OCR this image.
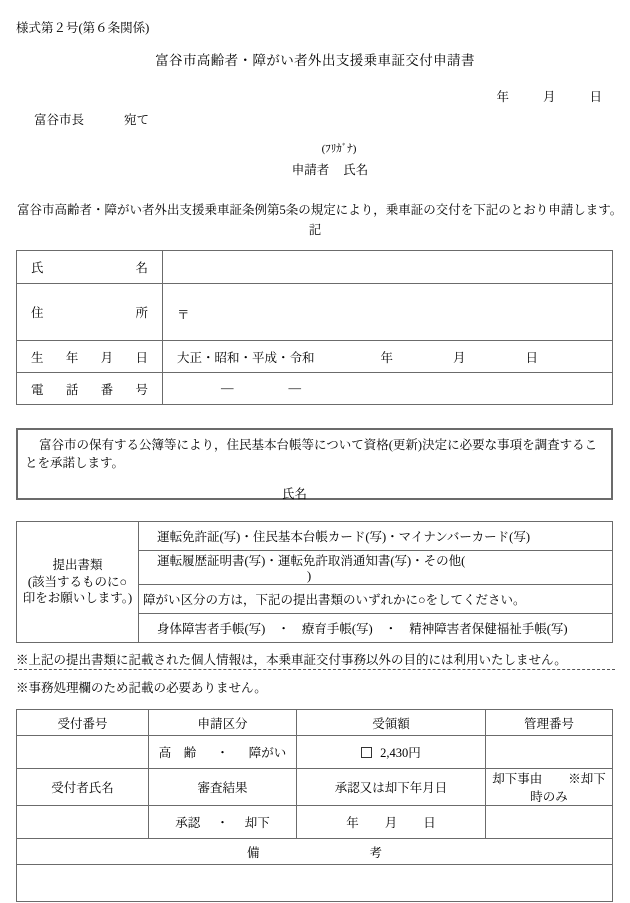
様式第２号(第６条関係)
富谷市高齢者・障がい者外出支援乗車証交付申請書
年	月	日
富谷市長	宛て
(ﾌﾘｶﾞﾅ)
申請者 氏名
富谷市高齢者・障がい者外出支援乗車証条例第5条の規定により，乗車証の交付を下記のとおり申請します。
記
氏　　　　　名	
住　　　　　所	〒

生　年　月　日	大正・昭和・平成・令和 年 月 日
電　話　番　号	— —
富谷市の保有する公簿等により，住民基本台帳等について資格(更新)決定に必要な事項を調査することを承諾します。
氏名
提出書類
(該当するものに○
印をお願いします。)
	運転免許証(写)・住民基本台帳カード(写)・マイナンバーカード(写)
運転履歴証明書(写)・運転免許取消通知書(写)・その他()
障がい区分の方は，下記の提出書類のいずれかに○をしてください。
身体障害者手帳(写) ・ 療育手帳(写) ・ 精神障害者保健福祉手帳(写)
※上記の提出書類に記載された個人情報は，本乗車証交付事務以外の目的には利用いたしません。
※事務処理欄のため記載の必要ありません。
受付番号	申請区分	受領額	管理番号
	高　齢 ・ 障がい	2,430円	
受付者氏名	審査結果	承認又は却下年月日	却下事由 ※却下時のみ
	承認 ・ 却下	年 月 日	
備 考			
